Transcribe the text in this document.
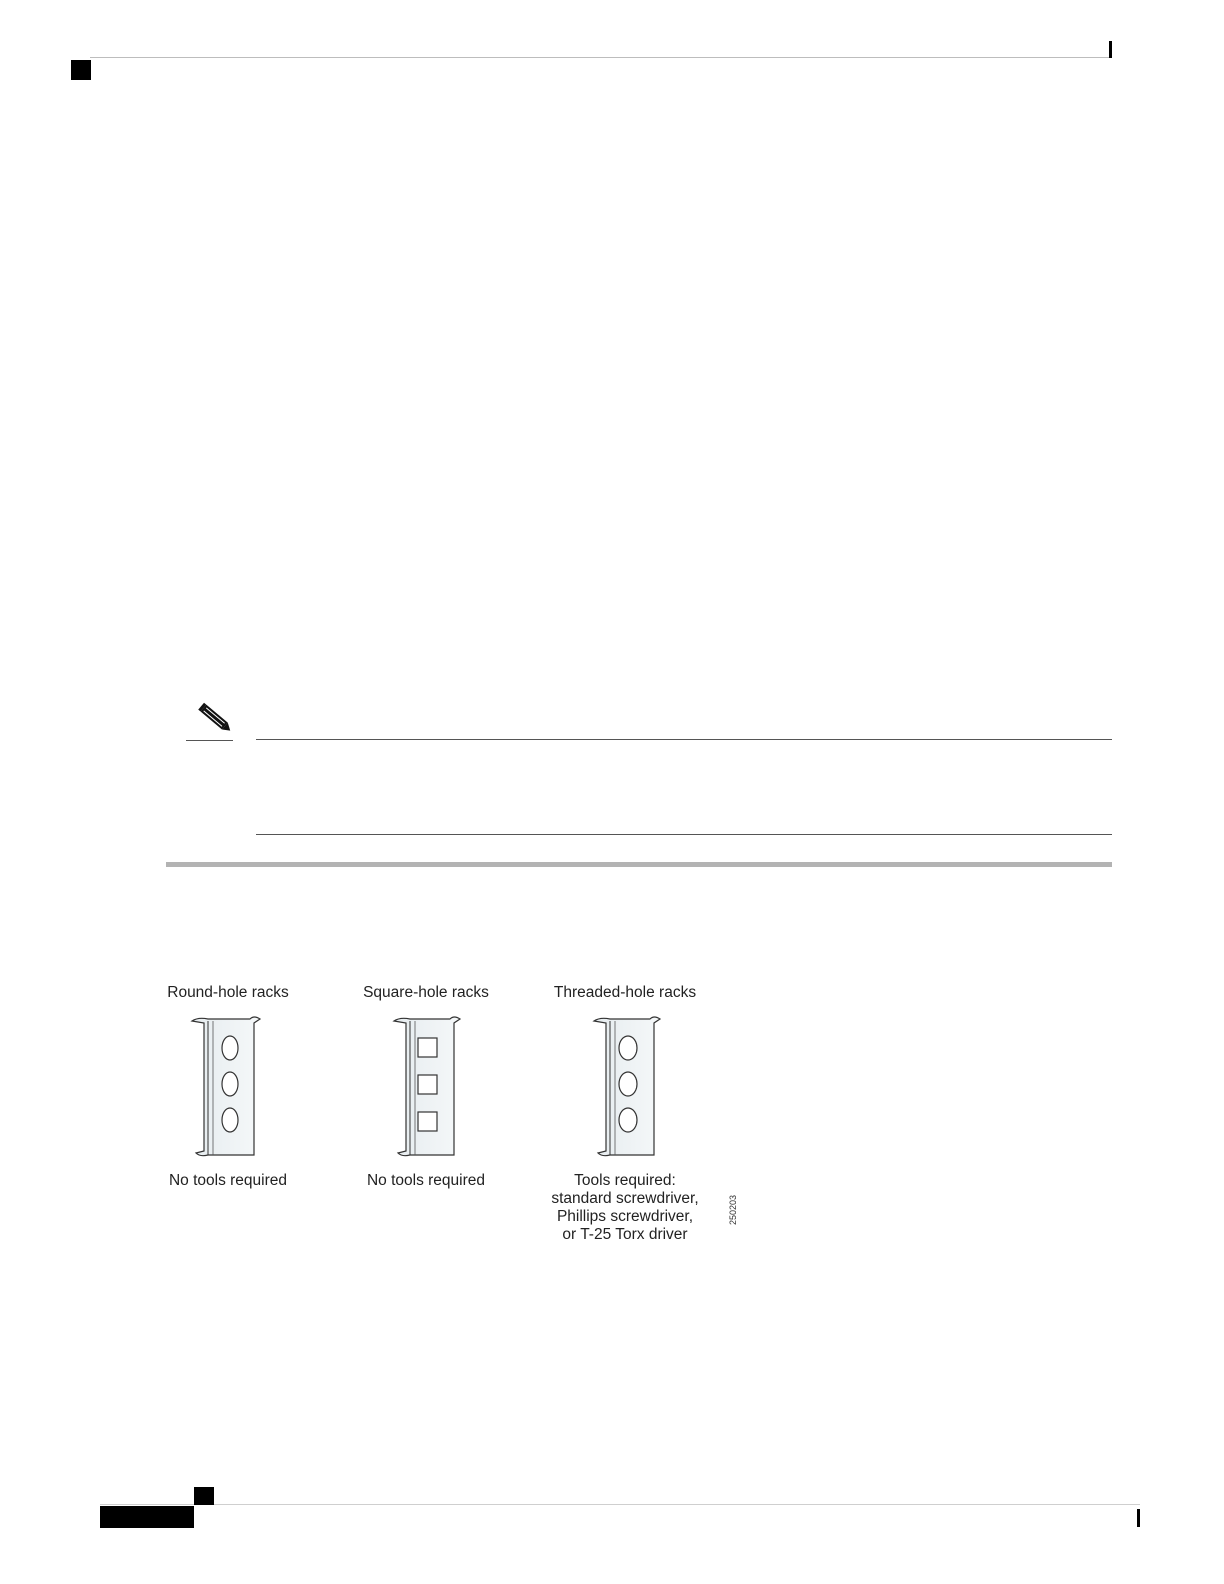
Round-hole racks
No tools required
Square-hole racks
No tools required
Threaded-hole racks
Tools required:
standard screwdriver,
Phillips screwdriver,
or T-25 Torx driver
250203
